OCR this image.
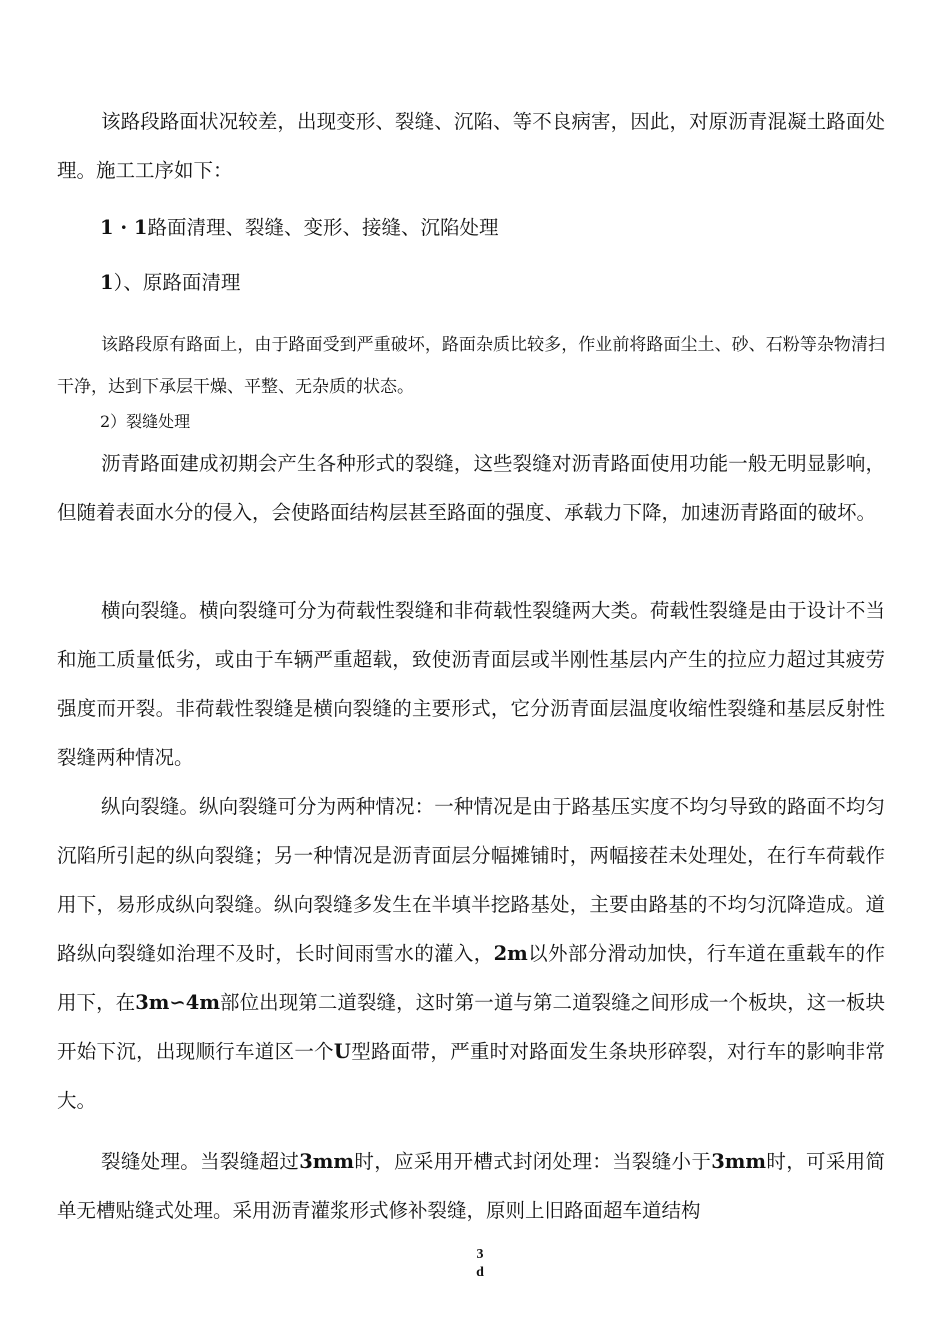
该路段路面状况较差，出现变形、裂缝、沉陷、等不良病害，因此，对原沥青混凝土路面处理。施工工序如下：

1 · 1路面清理、裂缝、变形、接缝、沉陷处理

1）、原路面清理

该路段原有路面上，由于路面受到严重破坏，路面杂质比较多，作业前将路面尘土、砂、石粉等杂物清扫干净，达到下承层干燥、平整、无杂质的状态。

2）裂缝处理

沥青路面建成初期会产生各种形式的裂缝，这些裂缝对沥青路面使用功能一般无明显影响，但随着表面水分的侵入，会使路面结构层甚至路面的强度、承载力下降，加速沥青路面的破坏。

横向裂缝。横向裂缝可分为荷载性裂缝和非荷载性裂缝两大类。荷载性裂缝是由于设计不当和施工质量低劣，或由于车辆严重超载，致使沥青面层或半刚性基层内产生的拉应力超过其疲劳强度而开裂。非荷载性裂缝是横向裂缝的主要形式，它分沥青面层温度收缩性裂缝和基层反射性裂缝两种情况。

纵向裂缝。纵向裂缝可分为两种情况：一种情况是由于路基压实度不均匀导致的路面不均匀沉陷所引起的纵向裂缝；另一种情况是沥青面层分幅摊铺时，两幅接茬未处理处，在行车荷载作用下，易形成纵向裂缝。纵向裂缝多发生在半填半挖路基处，主要由路基的不均匀沉降造成。道路纵向裂缝如治理不及时，长时间雨雪水的灌入，2m以外部分滑动加快，行车道在重载车的作用下，在3m∽4m部位出现第二道裂缝，这时第一道与第二道裂缝之间形成一个板块，这一板块开始下沉，出现顺行车道区一个U型路面带，严重时对路面发生条块形碎裂，对行车的影响非常大。

裂缝处理。当裂缝超过3mm时，应采用开槽式封闭处理：当裂缝小于3mm时，可采用简单无槽贴缝式处理。采用沥青灌浆形式修补裂缝，原则上旧路面超车道结构

3
d
